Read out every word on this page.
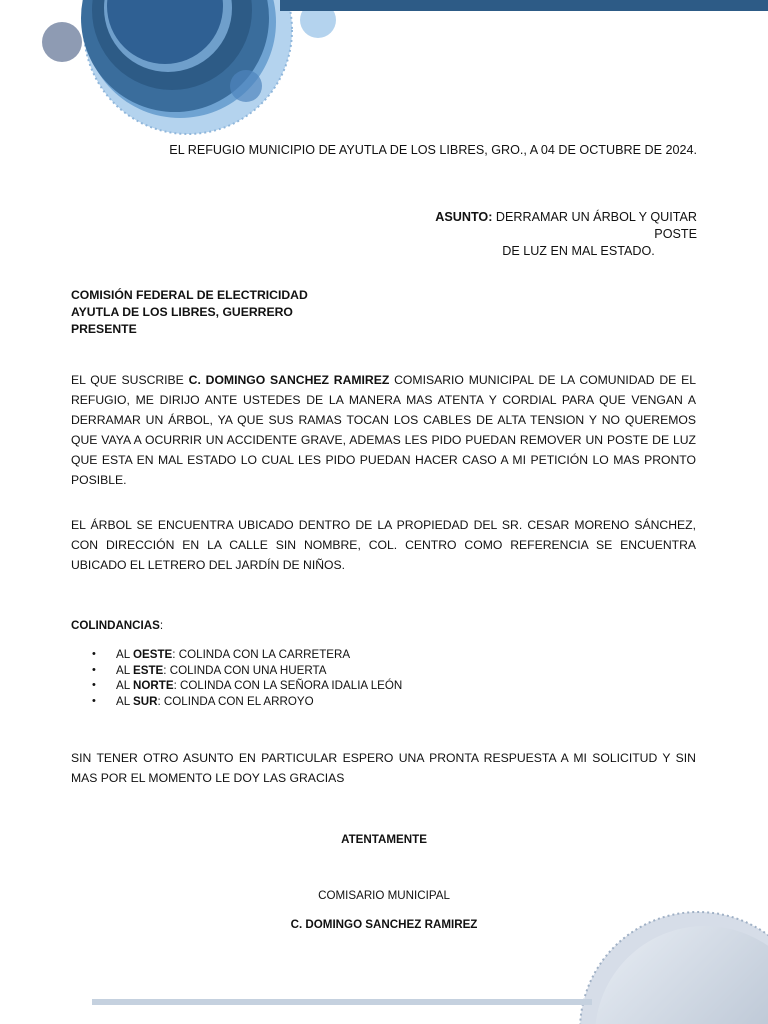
EL REFUGIO MUNICIPIO DE AYUTLA DE LOS LIBRES, GRO., A 04 DE OCTUBRE DE 2024.
ASUNTO: DERRAMAR UN ÁRBOL Y QUITAR POSTE
DE LUZ EN MAL ESTADO.
COMISIÓN FEDERAL DE ELECTRICIDAD
AYUTLA DE LOS LIBRES, GUERRERO
PRESENTE
EL QUE SUSCRIBE C. DOMINGO SANCHEZ RAMIREZ COMISARIO MUNICIPAL DE LA COMUNIDAD DE EL REFUGIO, ME DIRIJO ANTE USTEDES DE LA MANERA MAS ATENTA Y CORDIAL PARA QUE VENGAN A DERRAMAR UN ÁRBOL, YA QUE SUS RAMAS TOCAN LOS CABLES DE ALTA TENSION Y NO QUEREMOS QUE VAYA A OCURRIR UN ACCIDENTE GRAVE, ADEMAS LES PIDO PUEDAN REMOVER UN POSTE DE LUZ QUE ESTA EN MAL ESTADO LO CUAL LES PIDO PUEDAN HACER CASO A MI PETICIÓN LO MAS PRONTO POSIBLE.
EL ÁRBOL SE ENCUENTRA UBICADO DENTRO DE LA PROPIEDAD DEL SR. CESAR MORENO SÁNCHEZ, CON DIRECCIÓN EN LA CALLE SIN NOMBRE, COL. CENTRO COMO REFERENCIA SE ENCUENTRA UBICADO EL LETRERO DEL JARDÍN DE NIÑOS.
COLINDANCIAS:
• AL OESTE: COLINDA CON LA CARRETERA
• AL ESTE: COLINDA CON UNA HUERTA
• AL NORTE: COLINDA CON LA SEÑORA IDALIA LEÓN
• AL SUR: COLINDA CON EL ARROYO
SIN TENER OTRO ASUNTO EN PARTICULAR ESPERO UNA PRONTA RESPUESTA A MI SOLICITUD Y SIN MAS POR EL MOMENTO LE DOY LAS GRACIAS
ATENTAMENTE
COMISARIO MUNICIPAL
C. DOMINGO SANCHEZ RAMIREZ
